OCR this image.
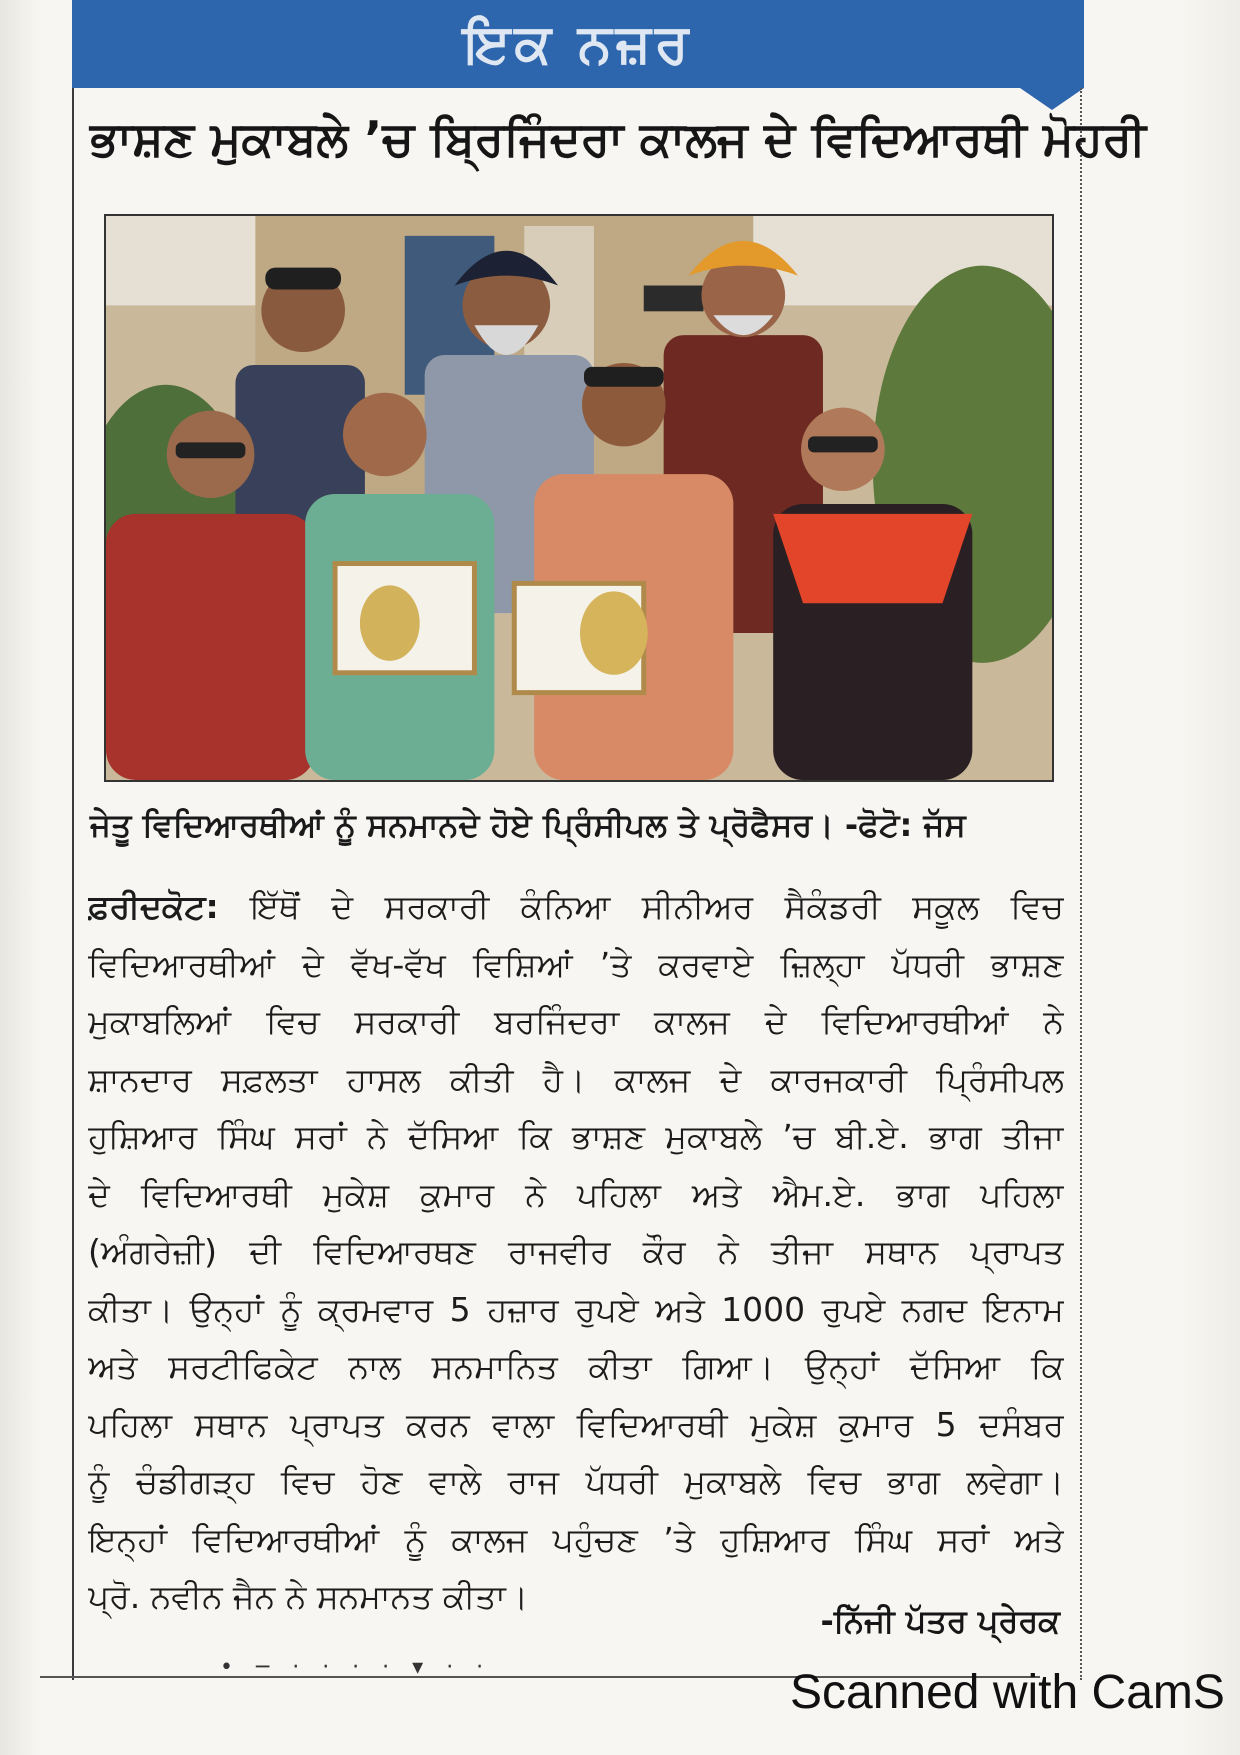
ਇਕ ਨਜ਼ਰ
ਭਾਸ਼ਣ ਮੁਕਾਬਲੇ ’ਚ ਬ੍ਰਿਜਿੰਦਰਾ ਕਾਲਜ ਦੇ ਵਿਦਿਆਰਥੀ ਮੋਹਰੀ
ਜੇਤੂ ਵਿਦਿਆਰਥੀਆਂ ਨੂੰ ਸਨਮਾਨਦੇ ਹੋਏ ਪ੍ਰਿੰਸੀਪਲ ਤੇ ਪ੍ਰੋਫੈਸਰ। -ਫੋਟੋ: ਜੱਸ
ਫ਼ਰੀਦਕੋਟ: ਇੱਥੋਂ ਦੇ ਸਰਕਾਰੀ ਕੰਨਿਆ ਸੀਨੀਅਰ ਸੈਕੰਡਰੀ ਸਕੂਲ ਵਿਚ
ਵਿਦਿਆਰਥੀਆਂ ਦੇ ਵੱਖ-ਵੱਖ ਵਿਸ਼ਿਆਂ ’ਤੇ ਕਰਵਾਏ ਜ਼ਿਲ੍ਹਾ ਪੱਧਰੀ ਭਾਸ਼ਣ
ਮੁਕਾਬਲਿਆਂ ਵਿਚ ਸਰਕਾਰੀ ਬਰਜਿੰਦਰਾ ਕਾਲਜ ਦੇ ਵਿਦਿਆਰਥੀਆਂ ਨੇ
ਸ਼ਾਨਦਾਰ ਸਫ਼ਲਤਾ ਹਾਸਲ ਕੀਤੀ ਹੈ। ਕਾਲਜ ਦੇ ਕਾਰਜਕਾਰੀ ਪ੍ਰਿੰਸੀਪਲ
ਹੁਸ਼ਿਆਰ ਸਿੰਘ ਸਰਾਂ ਨੇ ਦੱਸਿਆ ਕਿ ਭਾਸ਼ਣ ਮੁਕਾਬਲੇ ’ਚ ਬੀ.ਏ. ਭਾਗ ਤੀਜਾ
ਦੇ ਵਿਦਿਆਰਥੀ ਮੁਕੇਸ਼ ਕੁਮਾਰ ਨੇ ਪਹਿਲਾ ਅਤੇ ਐਮ.ਏ. ਭਾਗ ਪਹਿਲਾ
(ਅੰਗਰੇਜ਼ੀ) ਦੀ ਵਿਦਿਆਰਥਣ ਰਾਜਵੀਰ ਕੌਰ ਨੇ ਤੀਜਾ ਸਥਾਨ ਪ੍ਰਾਪਤ
ਕੀਤਾ। ਉਨ੍ਹਾਂ ਨੂੰ ਕ੍ਰਮਵਾਰ 5 ਹਜ਼ਾਰ ਰੁਪਏ ਅਤੇ 1000 ਰੁਪਏ ਨਗਦ ਇਨਾਮ
ਅਤੇ ਸਰਟੀਫਿਕੇਟ ਨਾਲ ਸਨਮਾਨਿਤ ਕੀਤਾ ਗਿਆ। ਉਨ੍ਹਾਂ ਦੱਸਿਆ ਕਿ
ਪਹਿਲਾ ਸਥਾਨ ਪ੍ਰਾਪਤ ਕਰਨ ਵਾਲਾ ਵਿਦਿਆਰਥੀ ਮੁਕੇਸ਼ ਕੁਮਾਰ 5 ਦਸੰਬਰ
ਨੂੰ ਚੰਡੀਗੜ੍ਹ ਵਿਚ ਹੋਣ ਵਾਲੇ ਰਾਜ ਪੱਧਰੀ ਮੁਕਾਬਲੇ ਵਿਚ ਭਾਗ ਲਵੇਗਾ।
ਇਨ੍ਹਾਂ ਵਿਦਿਆਰਥੀਆਂ ਨੂੰ ਕਾਲਜ ਪਹੁੰਚਣ ’ਤੇ ਹੁਸ਼ਿਆਰ ਸਿੰਘ ਸਰਾਂ ਅਤੇ
ਪ੍ਰੋ. ਨਵੀਨ ਜੈਨ ਨੇ ਸਨਮਾਨਤ ਕੀਤਾ।
-ਨਿੱਜੀ ਪੱਤਰ ਪ੍ਰੇਰਕ
• ─ · · · · ▾ · ·	Scanned with CamS
